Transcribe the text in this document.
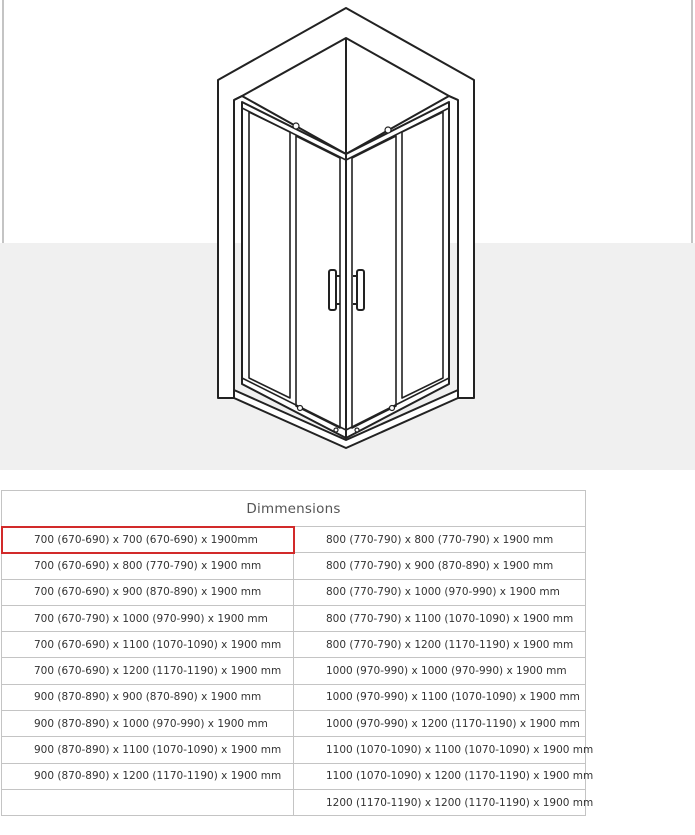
Dimmensions	
700 (670-690) x 700 (670-690) x 1900mm	800 (770-790) x 800 (770-790) x 1900 mm
700 (670-690) x 800 (770-790) x 1900 mm	800 (770-790) x 900 (870-890) x 1900 mm
700 (670-690) x 900 (870-890) x 1900 mm	800 (770-790) x 1000 (970-990) x 1900 mm
700 (670-790) x 1000 (970-990) x 1900 mm	800 (770-790) x 1100 (1070-1090) x 1900 mm
700 (670-690) x 1100 (1070-1090) x 1900 mm	800 (770-790) x 1200 (1170-1190) x 1900 mm
700 (670-690) x 1200 (1170-1190) x 1900 mm	1000 (970-990) x 1000 (970-990) x 1900 mm
900 (870-890) x 900 (870-890) x 1900 mm	1000 (970-990) x 1100 (1070-1090) x 1900 mm
900 (870-890) x 1000 (970-990) x 1900 mm	1000 (970-990) x 1200 (1170-1190) x 1900 mm
900 (870-890) x 1100 (1070-1090) x 1900 mm	1100 (1070-1090) x 1100 (1070-1090) x 1900 mm
900 (870-890) x 1200 (1170-1190) x 1900 mm	1100 (1070-1090) x 1200 (1170-1190) x 1900 mm
	1200 (1170-1190) x 1200 (1170-1190) x 1900 mm
